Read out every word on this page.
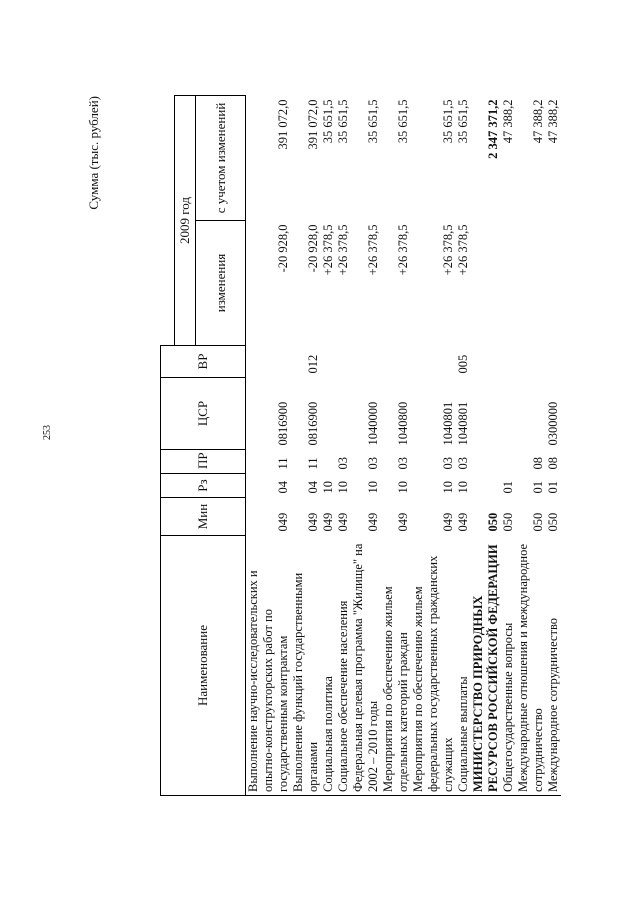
253
Сумма (тыс. рублей)
Наименование	Мин	Рз	ПР	ЦСР	ВР		
						2009 год	
						изменения	с учетом изменений
Выполнение научно-исследовательских и опытно-конструкторских работ по государственным контрактам	049	04	11	0816900		-20 928,0	391 072,0
Выполнение функций государственными органами	049	04	11	0816900	012	-20 928,0	391 072,0
Социальная политика	049	10				+26 378,5	35 651,5
Социальное обеспечение населения	049	10	03			+26 378,5	35 651,5
Федеральная целевая программа "Жилище" на 2002 – 2010 годы	049	10	03	1040000		+26 378,5	35 651,5
Мероприятия по обеспечению жильем отдельных категорий граждан	049	10	03	1040800		+26 378,5	35 651,5
Мероприятия по обеспечению жильем федеральных государственных гражданских служащих	049	10	03	1040801		+26 378,5	35 651,5
Социальные выплаты	049	10	03	1040801	005	+26 378,5	35 651,5
МИНИСТЕРСТВО ПРИРОДНЫХ РЕСУРСОВ РОССИЙСКОЙ ФЕДЕРАЦИИ	050						2 347 371,2
Общегосударственные вопросы	050	01					47 388,2
Международные отношения и международное сотрудничество	050	01	08				47 388,2
Международное сотрудничество	050	01	08	0300000			47 388,2
